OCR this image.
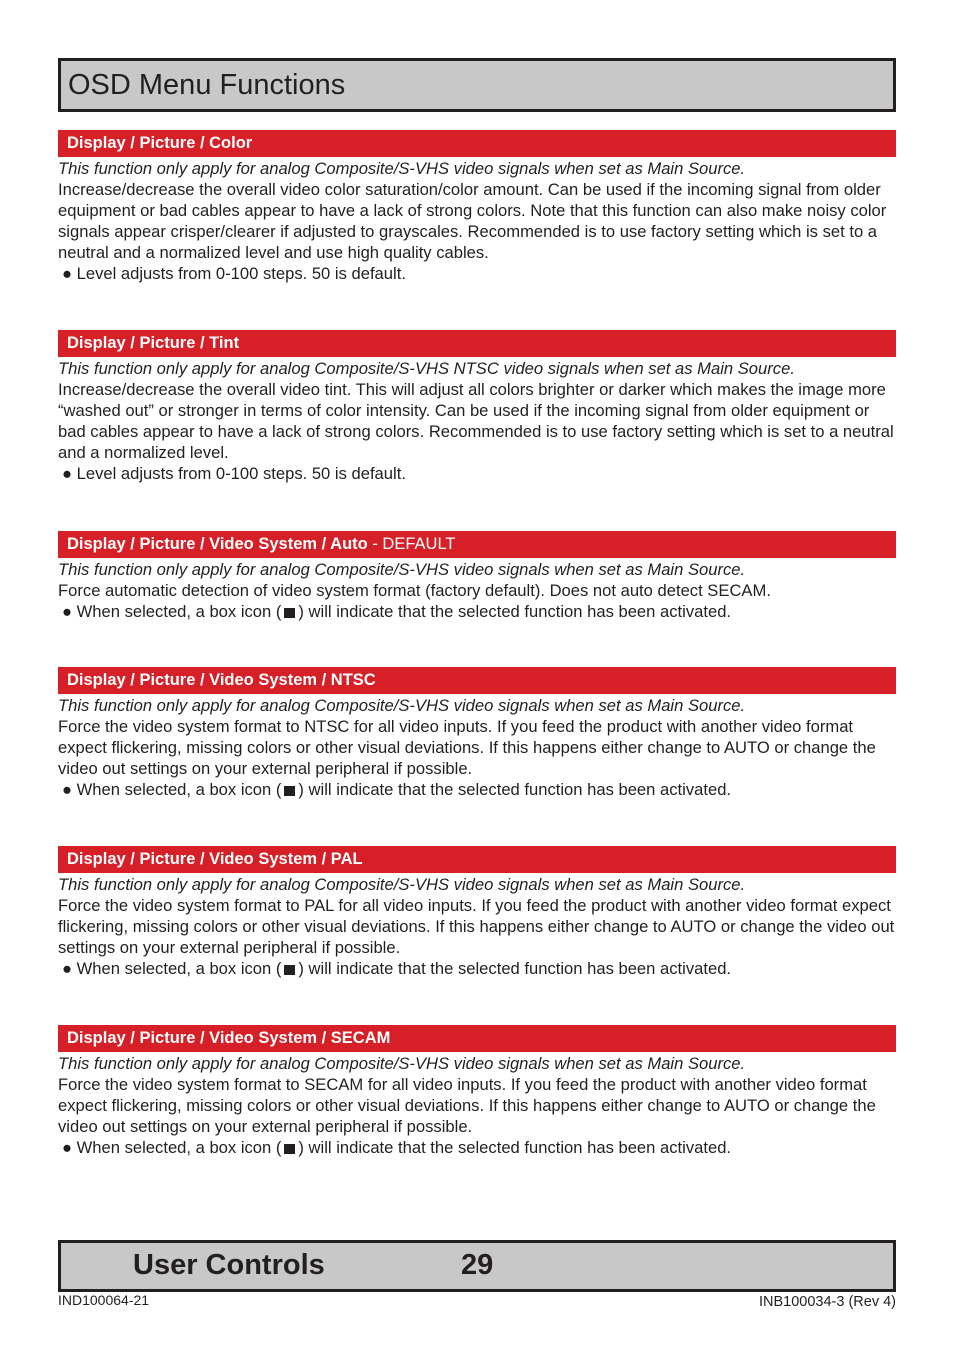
OSD Menu Functions
Display / Picture / Color

This function only apply for analog Composite/S-VHS video signals when set as Main Source.

Increase/decrease the overall video color saturation/color amount. Can be used if the incoming signal from older equipment or bad cables appear to have a lack of strong colors. Note that this function can also make noisy color signals appear crisper/clearer if adjusted to grayscales. Recommended is to use factory setting which is set to a neutral and a normalized level and use high quality cables.

● Level adjusts from 0-100 steps. 50 is default.

Display / Picture / Tint

This function only apply for analog Composite/S-VHS NTSC video signals when set as Main Source.

Increase/decrease the overall video tint. This will adjust all colors brighter or darker which makes the image more “washed out” or stronger in terms of color intensity. Can be used if the incoming signal from older equipment or bad cables appear to have a lack of strong colors. Recommended is to use factory setting which is set to a neutral and a normalized level.

● Level adjusts from 0-100 steps. 50 is default.

Display / Picture / Video System / Auto - DEFAULT

This function only apply for analog Composite/S-VHS video signals when set as Main Source.

Force automatic detection of video system format (factory default). Does not auto detect SECAM.

● When selected, a box icon ( ) will indicate that the selected function has been activated.

Display / Picture / Video System / NTSC

This function only apply for analog Composite/S-VHS video signals when set as Main Source.

Force the video system format to NTSC for all video inputs. If you feed the product with another video format expect flickering, missing colors or other visual deviations. If this happens either change to AUTO or change the video out settings on your external peripheral if possible.

● When selected, a box icon ( ) will indicate that the selected function has been activated.

Display / Picture / Video System / PAL

This function only apply for analog Composite/S-VHS video signals when set as Main Source.

Force the video system format to PAL for all video inputs. If you feed the product with another video format expect flickering, missing colors or other visual deviations. If this happens either change to AUTO or change the video out settings on your external peripheral if possible.

● When selected, a box icon ( ) will indicate that the selected function has been activated.

Display / Picture / Video System / SECAM

This function only apply for analog Composite/S-VHS video signals when set as Main Source.

Force the video system format to SECAM for all video inputs. If you feed the product with another video format expect flickering, missing colors or other visual deviations. If this happens either change to AUTO or change the video out settings on your external peripheral if possible.

● When selected, a box icon ( ) will indicate that the selected function has been activated.

User Controls	29
IND100064-21	INB100034-3 (Rev 4)
